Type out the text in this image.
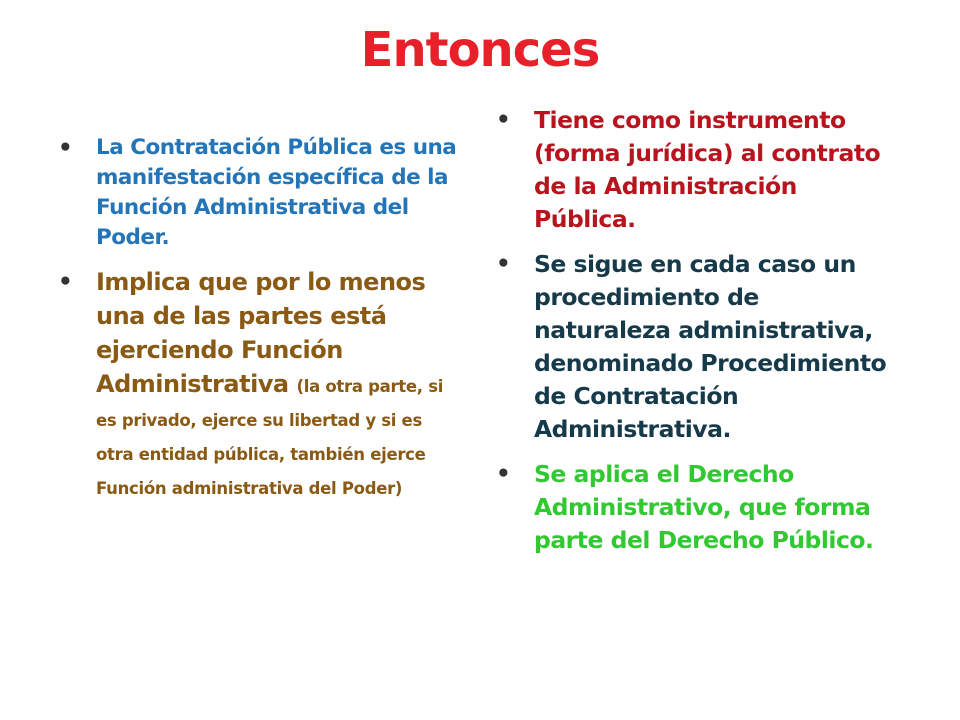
Entonces
• La Contratación Pública es una manifestación específica de la Función Administrativa del Poder.
• Implica que por lo menos una de las partes está ejerciendo Función Administrativa (la otra parte, si es privado, ejerce su libertad y si es otra entidad pública, también ejerce Función administrativa del Poder)
• Tiene como instrumento (forma jurídica) al contrato de la Administración Pública.
• Se sigue en cada caso un procedimiento de naturaleza administrativa, denominado Procedimiento de Contratación Administrativa.
• Se aplica el Derecho Administrativo, que forma parte del Derecho Público.
